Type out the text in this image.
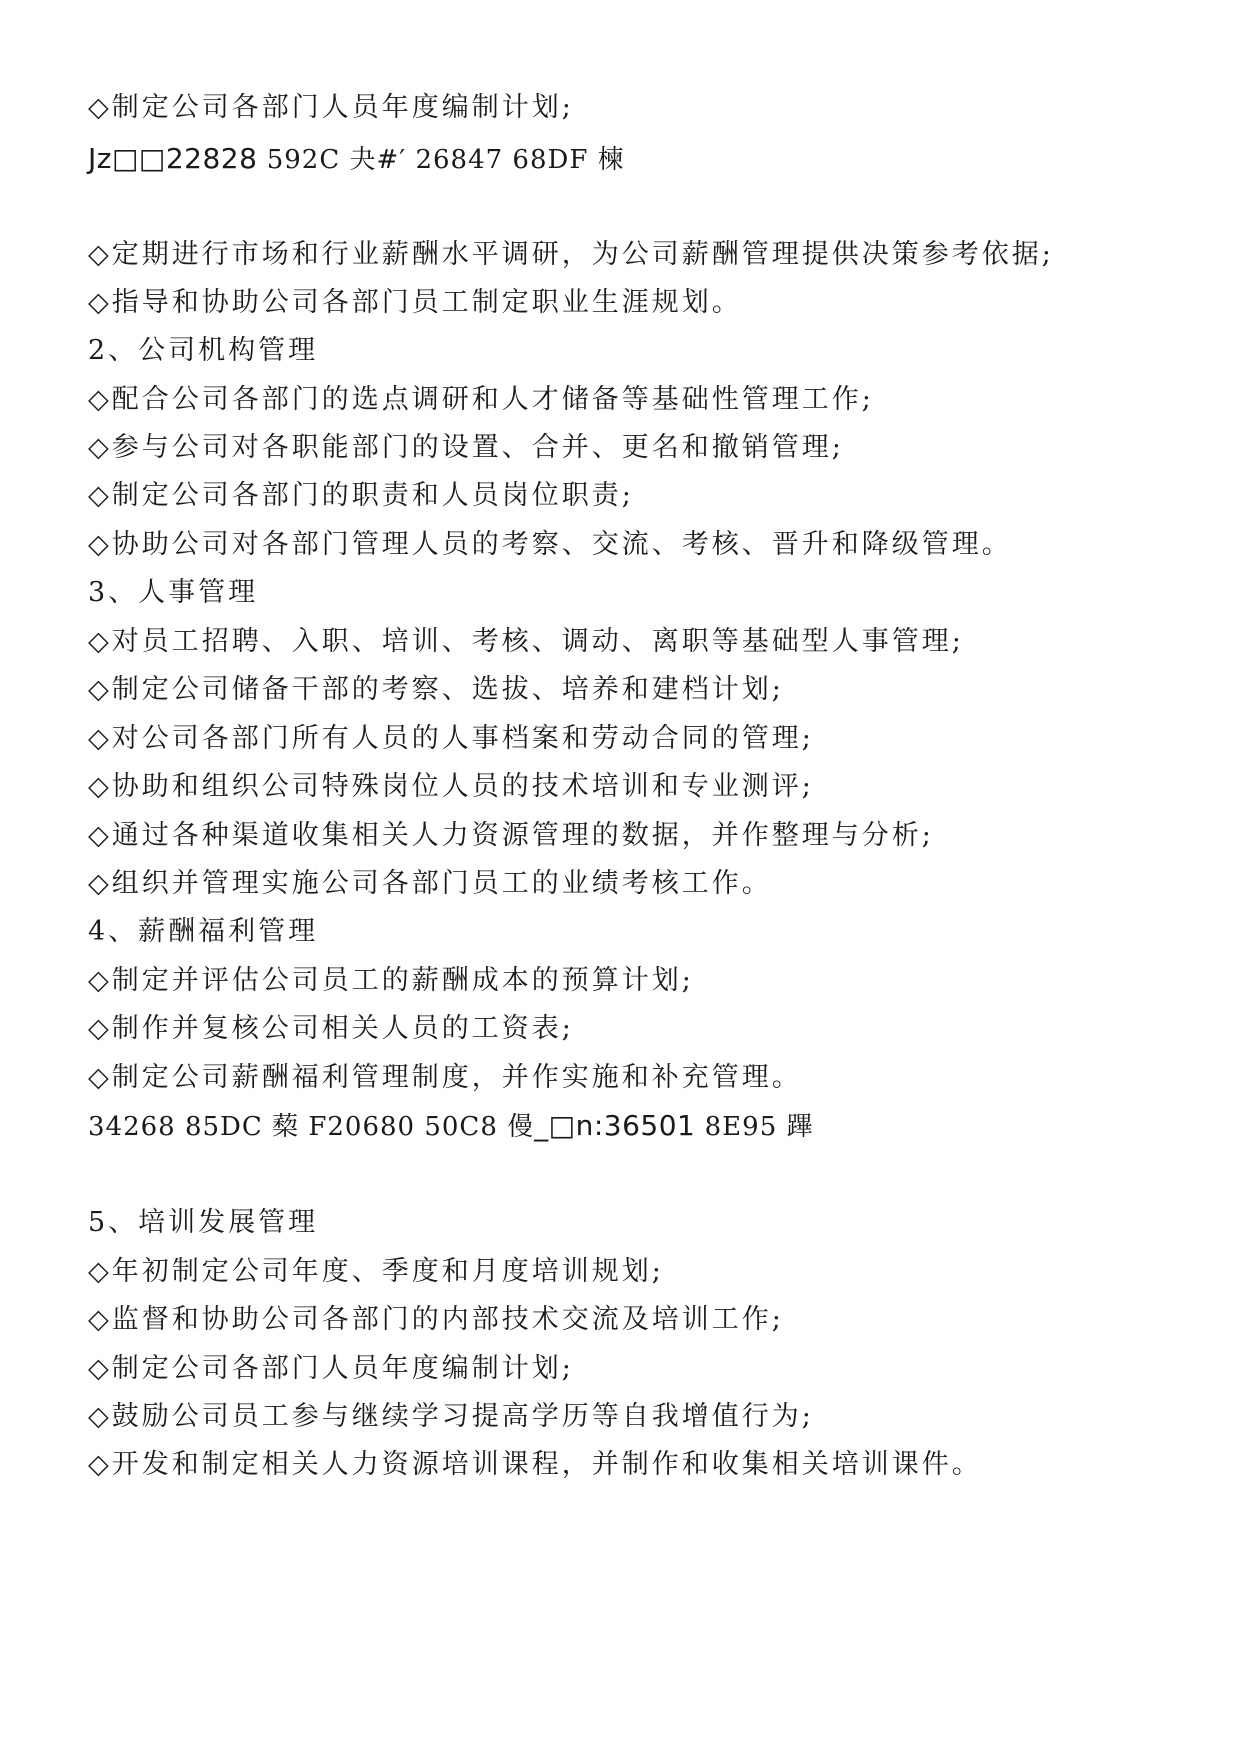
◇制定公司各部门人员年度编制计划;
Jz□□22828 592C 夬#′ 26847 68DF 楝
◇定期进行市场和行业薪酬水平调研，为公司薪酬管理提供决策参考依据;
◇指导和协助公司各部门员工制定职业生涯规划。
2、公司机构管理
◇配合公司各部门的选点调研和人才储备等基础性管理工作;
◇参与公司对各职能部门的设置、合并、更名和撤销管理;
◇制定公司各部门的职责和人员岗位职责;
◇协助公司对各部门管理人员的考察、交流、考核、晋升和降级管理。
3、人事管理
◇对员工招聘、入职、培训、考核、调动、离职等基础型人事管理;
◇制定公司储备干部的考察、选拔、培养和建档计划;
◇对公司各部门所有人员的人事档案和劳动合同的管理;
◇协助和组织公司特殊岗位人员的技术培训和专业测评;
◇通过各种渠道收集相关人力资源管理的数据，并作整理与分析;
◇组织并管理实施公司各部门员工的业绩考核工作。
4、薪酬福利管理
◇制定并评估公司员工的薪酬成本的预算计划;
◇制作并复核公司相关人员的工资表;
◇制定公司薪酬福利管理制度，并作实施和补充管理。
34268 85DC 蔾 F20680 50C8 僈_□n:36501 8E95 蹕
5、培训发展管理
◇年初制定公司年度、季度和月度培训规划;
◇监督和协助公司各部门的内部技术交流及培训工作;
◇制定公司各部门人员年度编制计划;
◇鼓励公司员工参与继续学习提高学历等自我增值行为;
◇开发和制定相关人力资源培训课程，并制作和收集相关培训课件。
